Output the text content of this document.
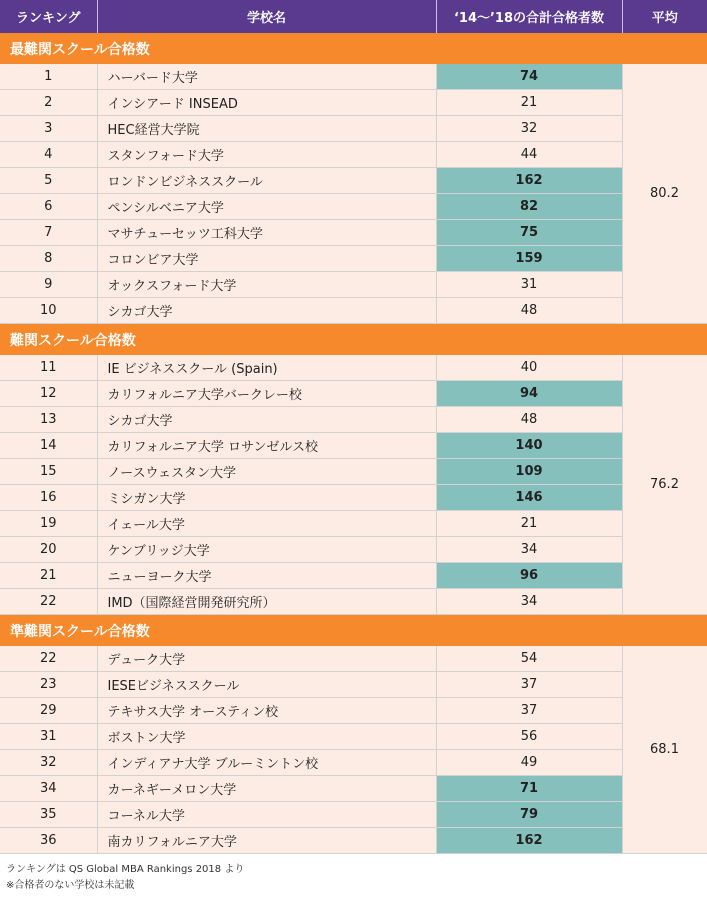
ランキング	学校名	‘14～’18の合計合格者数	平均
最難関スクール合格数			
1	ハーバード大学	74	80.2
2	インシアード INSEAD	21	
3	HEC経営大学院	32	
4	スタンフォード大学	44	
5	ロンドンビジネススクール	162	
6	ペンシルベニア大学	82	
7	マサチューセッツ工科大学	75	
8	コロンビア大学	159	
9	オックスフォード大学	31	
10	シカゴ大学	48	
難関スクール合格数			
11	IE ビジネススクール (Spain)	40	76.2
12	カリフォルニア大学バークレー校	94	
13	シカゴ大学	48	
14	カリフォルニア大学 ロサンゼルス校	140	
15	ノースウェスタン大学	109	
16	ミシガン大学	146	
19	イェール大学	21	
20	ケンブリッジ大学	34	
21	ニューヨーク大学	96	
22	IMD（国際経営開発研究所）	34	
準難関スクール合格数			
22	デューク大学	54	68.1
23	IESEビジネススクール	37	
29	テキサス大学 オースティン校	37	
31	ボストン大学	56	
32	インディアナ大学 ブルーミントン校	49	
34	カーネギーメロン大学	71	
35	コーネル大学	79	
36	南カリフォルニア大学	162	
ランキングは QS Global MBA Rankings 2018 より
※合格者のない学校は未記載
